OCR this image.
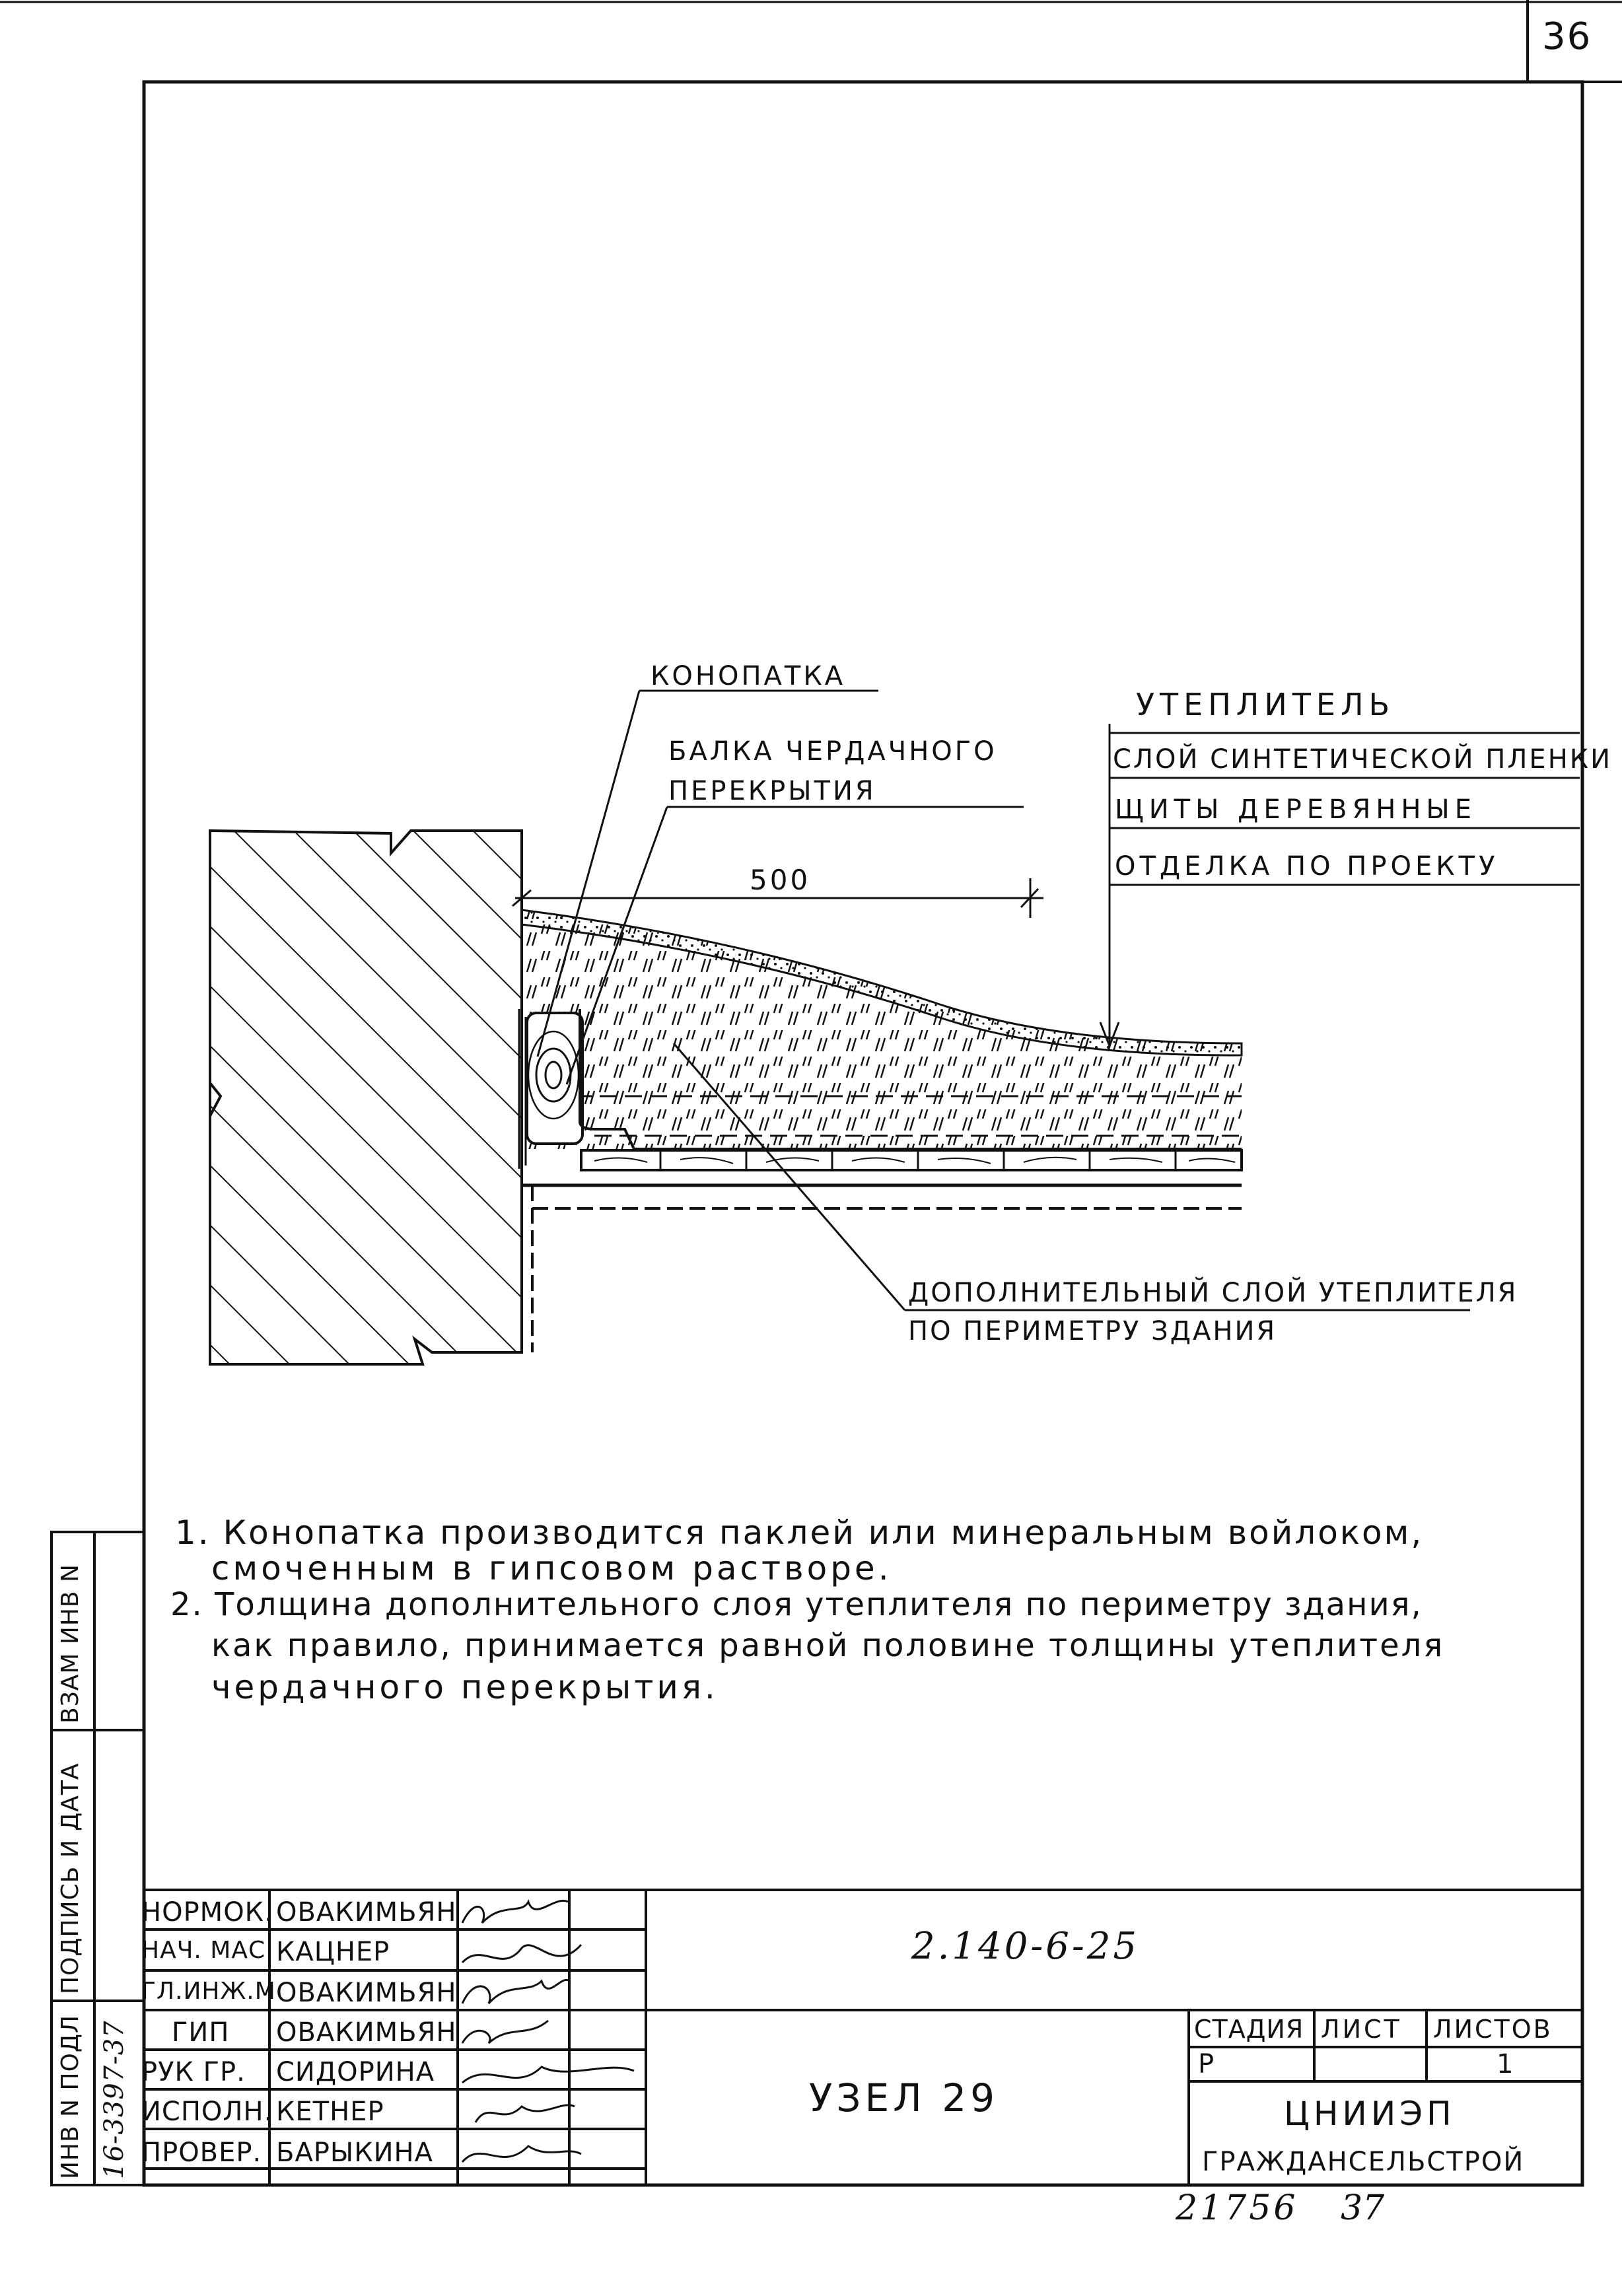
36
КОНОПАТКА
БАЛКА ЧЕРДАЧНОГО
ПЕРЕКРЫТИЯ
500
УТЕПЛИТЕЛЬ
СЛОЙ СИНТЕТИЧЕСКОЙ ПЛЕНКИ
ЩИТЫ ДЕРЕВЯННЫЕ
ОТДЕЛКА ПО ПРОЕКТУ
ДОПОЛНИТЕЛЬНЫЙ СЛОЙ УТЕПЛИТЕЛЯ
ПО ПЕРИМЕТРУ ЗДАНИЯ
1. Конопатка производится паклей или минеральным войлоком,
смоченным в гипсовом растворе.
2. Толщина дополнительного слоя утеплителя по периметру здания,
как правило, принимается равной половине толщины утеплителя
чердачного перекрытия.
ИНВ N ПОДЛ
ПОДПИСЬ И ДАТА
ВЗАМ ИНВ N
16-3397-37
НОРМОК. ОВАКИМЬЯН
НАЧ. МАС. КАЦНЕР
ГЛ.ИНЖ.М ОВАКИМЬЯН
ГИП ОВАКИМЬЯН
РУК ГР. СИДОРИНА
ИСПОЛН. КЕТНЕР
ПРОВЕР. БАРЫКИНА
2.140-6-25
УЗЕЛ 29
СТАДИЯ ЛИСТ ЛИСТОВ
Р	1
ЦНИИЭП
ГРАЖДАНСЕЛЬСТРОЙ
21756 37
